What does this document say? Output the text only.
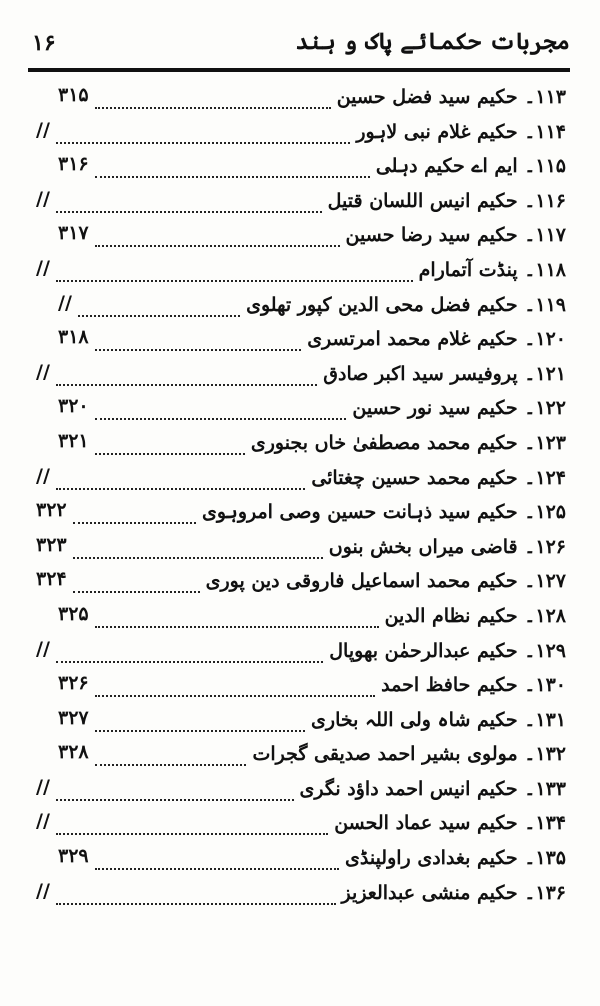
۱۶	مجربات حکمائے پاک و ہند
۳۱۵	۱۱۳۔ حکیم سید فضل حسین
//	۱۱۴۔ حکیم غلام نبی لاہور
۳۱۶	۱۱۵۔ ایم اے حکیم دہلی
//	۱۱۶۔ حکیم انیس اللسان قتیل
۳۱۷	۱۱۷۔ حکیم سید رضا حسین
//	۱۱۸۔ پنڈت آتمارام
//	۱۱۹۔ حکیم فضل محی الدین کپور تھلوی
۳۱۸	۱۲۰۔ حکیم غلام محمد امرتسری
//	۱۲۱۔ پروفیسر سید اکبر صادق
۳۲۰	۱۲۲۔ حکیم سید نور حسین
۳۲۱	۱۲۳۔ حکیم محمد مصطفیٰ خاں بجنوری
//	۱۲۴۔ حکیم محمد حسین چغتائی
۳۲۲	۱۲۵۔ حکیم سید ذہانت حسین وصی امروہوی
۳۲۳	۱۲۶۔ قاضی میراں بخش بنوں
۳۲۴	۱۲۷۔ حکیم محمد اسماعیل فاروقی دین پوری
۳۲۵	۱۲۸۔ حکیم نظام الدین
//	۱۲۹۔ حکیم عبدالرحمٰن بھوپال
۳۲۶	۱۳۰۔ حکیم حافظ احمد
۳۲۷	۱۳۱۔ حکیم شاہ ولی اللہ بخاری
۳۲۸	۱۳۲۔ مولوی بشیر احمد صدیقی گجرات
//	۱۳۳۔ حکیم انیس احمد داؤد نگری
//	۱۳۴۔ حکیم سید عماد الحسن
۳۲۹	۱۳۵۔ حکیم بغدادی راولپنڈی
//	۱۳۶۔ حکیم منشی عبدالعزیز
